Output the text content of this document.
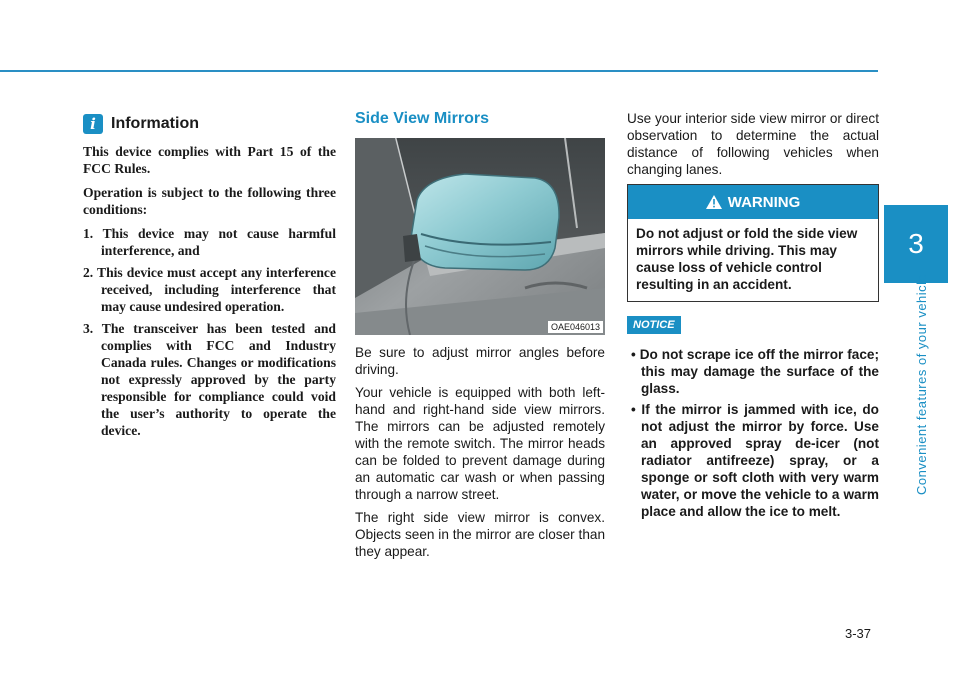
3
Convenient features of your vehicle
i Information

This device complies with Part 15 of the FCC Rules.

Operation is subject to the following three conditions:

1. This device may not cause harmful interference, and
2. This device must accept any interference received, including interference that may cause undesired operation.
3. The transceiver has been tested and complies with FCC and Industry Canada rules. Changes or modifications not expressly approved by the party responsible for compliance could void the user’s authority to operate the device.
Side View Mirrors
OAE046013

Be sure to adjust mirror angles before driving.

Your vehicle is equipped with both left-hand and right-hand side view mirrors. The mirrors can be adjusted remotely with the remote switch. The mirror heads can be folded to prevent damage during an automatic car wash or when passing through a narrow street.

The right side view mirror is convex. Objects seen in the mirror are closer than they appear.

Use your interior side view mirror or direct observation to determine the actual distance of following vehicles when changing lanes.

WARNING
Do not adjust or fold the side view mirrors while driving. This may cause loss of vehicle control resulting in an accident.
NOTICE
• Do not scrape ice off the mirror face; this may damage the surface of the glass.
• If the mirror is jammed with ice, do not adjust the mirror by force. Use an approved spray de-icer (not radiator antifreeze) spray, or a sponge or soft cloth with very warm water, or move the vehicle to a warm place and allow the ice to melt.
3-37
